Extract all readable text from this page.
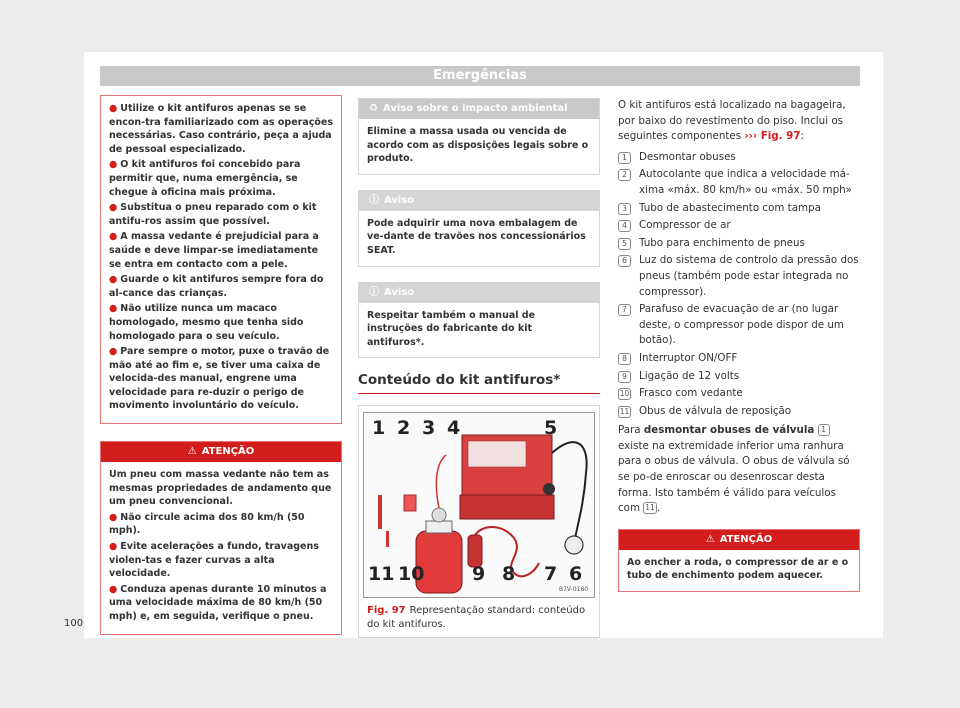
Emergências
● Utilize o kit antifuros apenas se se encon-tra familiarizado com as operações necessárias. Caso contrário, peça a ajuda de pessoal especializado.
● O kit antifuros foi concebido para permitir que, numa emergência, se chegue à oficina mais próxima.
● Substitua o pneu reparado com o kit antifu-ros assim que possível.
● A massa vedante é prejudicial para a saúde e deve limpar-se imediatamente se entra em contacto com a pele.
● Guarde o kit antifuros sempre fora do al-cance das crianças.
● Não utilize nunca um macaco homologado, mesmo que tenha sido homologado para o seu veículo.
● Pare sempre o motor, puxe o travão de mão até ao fim e, se tiver uma caixa de velocida-des manual, engrene uma velocidade para re-duzir o perigo de movimento involuntário do veículo.
⚠ ATENÇÃO
Um pneu com massa vedante não tem as mesmas propriedades de andamento que um pneu convencional.
● Não circule acima dos 80 km/h (50 mph).
● Evite acelerações a fundo, travagens violen-tas e fazer curvas a alta velocidade.
● Conduza apenas durante 10 minutos a uma velocidade máxima de 80 km/h (50 mph) e, em seguida, verifique o pneu.
♻ Aviso sobre o impacto ambiental
Elimine a massa usada ou vencida de acordo com as disposições legais sobre o produto.
ⓘ Aviso
Pode adquirir uma nova embalagem de ve-dante de travões nos concessionários SEAT.
ⓘ Aviso
Respeitar também o manual de instruções do fabricante do kit antifuros*.
Conteúdo do kit antifuros*
B7V-0180
1 2 3 4	5
11 10	9 8 7 6
Fig. 97 Representação standard: conteúdo do kit antifuros.
O kit antifuros está localizado na bagageira, por baixo do revestimento do piso. Inclui os seguintes componentes ››› Fig. 97:
1	Desmontar obuses
2	Autocolante que indica a velocidade má-xima «máx. 80 km/h» ou «máx. 50 mph»
3	Tubo de abastecimento com tampa
4	Compressor de ar
5	Tubo para enchimento de pneus
6	Luz do sistema de controlo da pressão dos pneus (também pode estar integrada no compressor).
7	Parafuso de evacuação de ar (no lugar deste, o compressor pode dispor de um botão).
8	Interruptor ON/OFF
9	Ligação de 12 volts
10 Frasco com vedante
11 Obus de válvula de reposição
Para desmontar obuses de válvula 1 existe na extremidade inferior uma ranhura para o obus de válvula. O obus de válvula só se po-de enroscar ou desenroscar desta forma. Isto também é válido para veículos com 11 .
⚠ ATENÇÃO
Ao encher a roda, o compressor de ar e o tubo de enchimento podem aquecer.
100
